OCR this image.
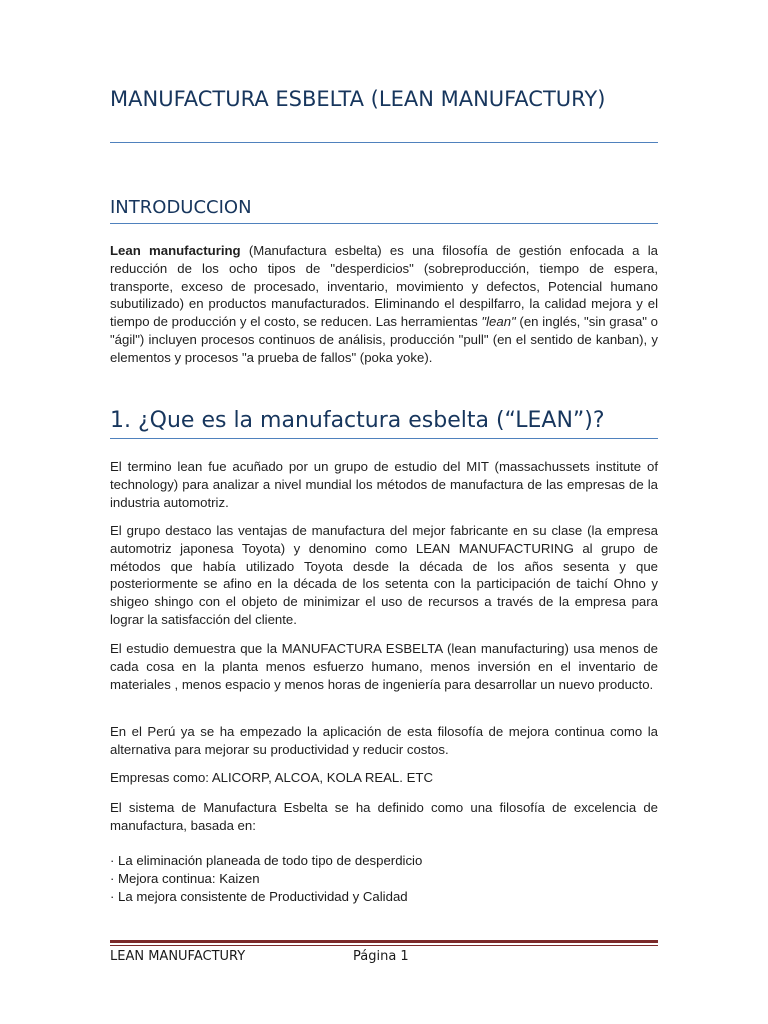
MANUFACTURA ESBELTA (LEAN MANUFACTURY)
INTRODUCCION

Lean manufacturing (Manufactura esbelta) es una filosofía de gestión enfocada a la reducción de los ocho tipos de "desperdicios" (sobreproducción, tiempo de espera, transporte, exceso de procesado, inventario, movimiento y defectos, Potencial humano subutilizado) en productos manufacturados. Eliminando el despilfarro, la calidad mejora y el tiempo de producción y el costo, se reducen. Las herramientas "lean" (en inglés, "sin grasa" o "ágil") incluyen procesos continuos de análisis, producción "pull" (en el sentido de kanban), y elementos y procesos "a prueba de fallos" (poka yoke).

1. ¿Que es la manufactura esbelta (“LEAN”)?

El termino lean fue acuñado por un grupo de estudio del MIT (massachussets institute of technology) para analizar a nivel mundial los métodos de manufactura de las empresas de la industria automotriz.

El grupo destaco las ventajas de manufactura del mejor fabricante en su clase (la empresa automotriz japonesa Toyota) y denomino como LEAN MANUFACTURING al grupo de métodos que había utilizado Toyota desde la década de los años sesenta y que posteriormente se afino en la década de los setenta con la participación de taichí Ohno y shigeo shingo con el objeto de minimizar el uso de recursos a través de la empresa para lograr la satisfacción del cliente.

El estudio demuestra que la MANUFACTURA ESBELTA (lean manufacturing) usa menos de cada cosa en la planta menos esfuerzo humano, menos inversión en el inventario de materiales , menos espacio y menos horas de ingeniería para desarrollar un nuevo producto.

En el Perú ya se ha empezado la aplicación de esta filosofía de mejora continua como la alternativa para mejorar su productividad y reducir costos.

Empresas como: ALICORP, ALCOA, KOLA REAL. ETC

El sistema de Manufactura Esbelta se ha definido como una filosofía de excelencia de manufactura, basada en:

· La eliminación planeada de todo tipo de desperdicio
· Mejora continua: Kaizen
· La mejora consistente de Productividad y Calidad
LEAN MANUFACTURY	Página 1
